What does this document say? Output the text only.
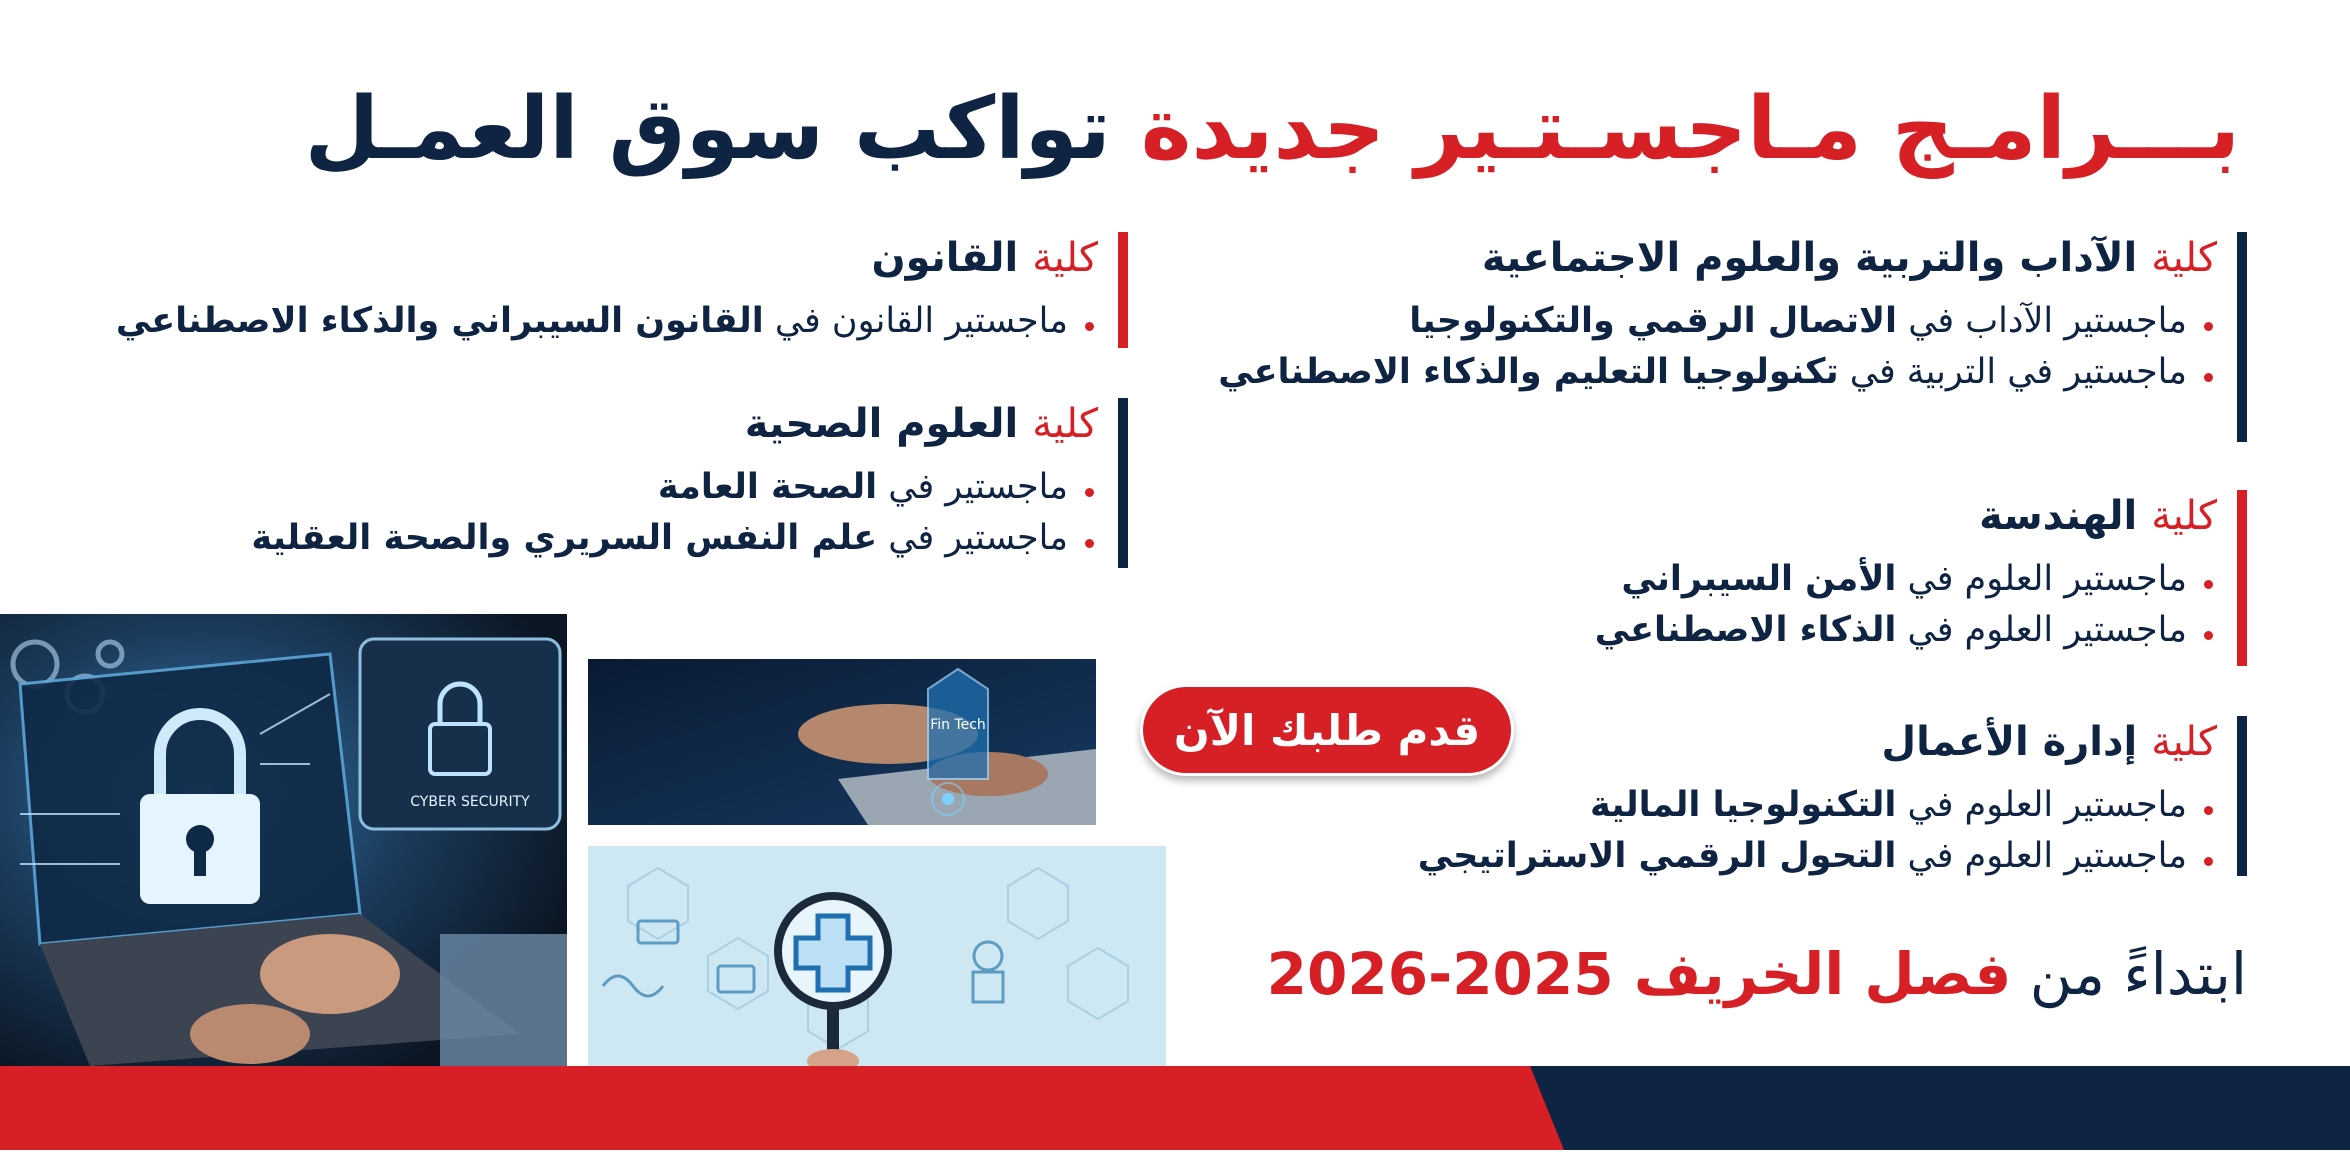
بـــرامـج مـاجسـتـير جديدة تواكب سوق العمـل
كلية الآداب والتربية والعلوم الاجتماعية
ماجستير الآداب في الاتصال الرقمي والتكنولوجيا
ماجستير في التربية في تكنولوجيا التعليم والذكاء الاصطناعي
كلية الهندسة
ماجستير العلوم في الأمن السيبراني
ماجستير العلوم في الذكاء الاصطناعي
كلية إدارة الأعمال
ماجستير العلوم في التكنولوجيا المالية
ماجستير العلوم في التحول الرقمي الاستراتيجي
كلية القانون
ماجستير القانون في القانون السيبراني والذكاء الاصطناعي
كلية العلوم الصحية
ماجستير في الصحة العامة
ماجستير في علم النفس السريري والصحة العقلية
قدم طلبك الآن
ابتداءً من فصل الخريف 2025-2026
CYBER SECURITY
Fin Tech
